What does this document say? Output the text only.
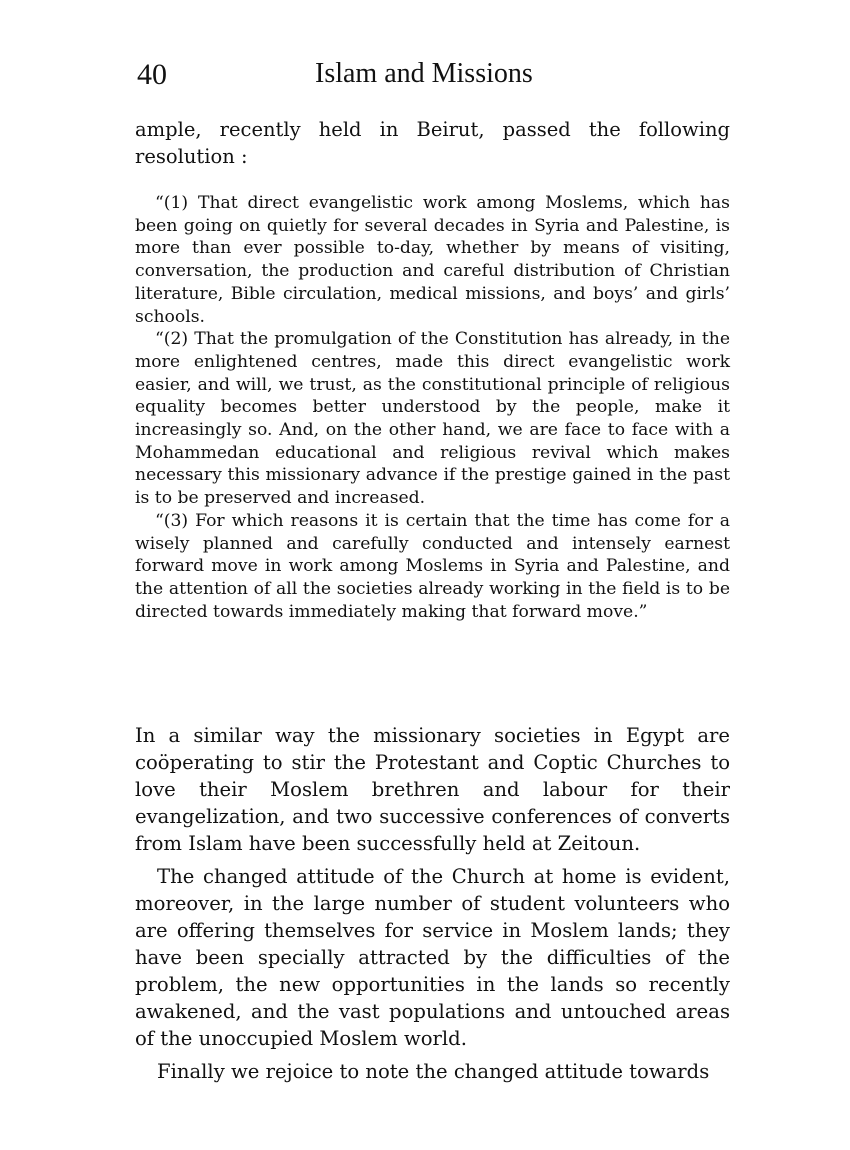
40	Islam and Missions

ample, recently held in Beirut, passed the following resolution :

“(1) That direct evangelistic work among Moslems, which has been going on quietly for several decades in Syria and Palestine, is more than ever possible to-day, whether by means of visiting, conversation, the production and careful distribution of Christian literature, Bible circulation, medical missions, and boys’ and girls’ schools.

“(2) That the promulgation of the Constitution has already, in the more enlightened centres, made this direct evangelistic work easier, and will, we trust, as the constitutional principle of religious equality becomes better understood by the people, make it increasingly so. And, on the other hand, we are face to face with a Mohammedan educational and religious revival which makes necessary this missionary advance if the prestige gained in the past is to be preserved and increased.

“(3) For which reasons it is certain that the time has come for a wisely planned and carefully conducted and intensely earnest forward move in work among Moslems in Syria and Palestine, and the attention of all the societies already working in the field is to be directed towards immediately making that forward move.”

In a similar way the missionary societies in Egypt are coöperating to stir the Protestant and Coptic Churches to love their Moslem brethren and labour for their evangelization, and two successive conferences of converts from Islam have been successfully held at Zeitoun.

The changed attitude of the Church at home is evident, moreover, in the large number of student volunteers who are offering themselves for service in Moslem lands; they have been specially attracted by the difficulties of the problem, the new opportunities in the lands so recently awakened, and the vast populations and untouched areas of the unoccupied Moslem world.

Finally we rejoice to note the changed attitude towards
